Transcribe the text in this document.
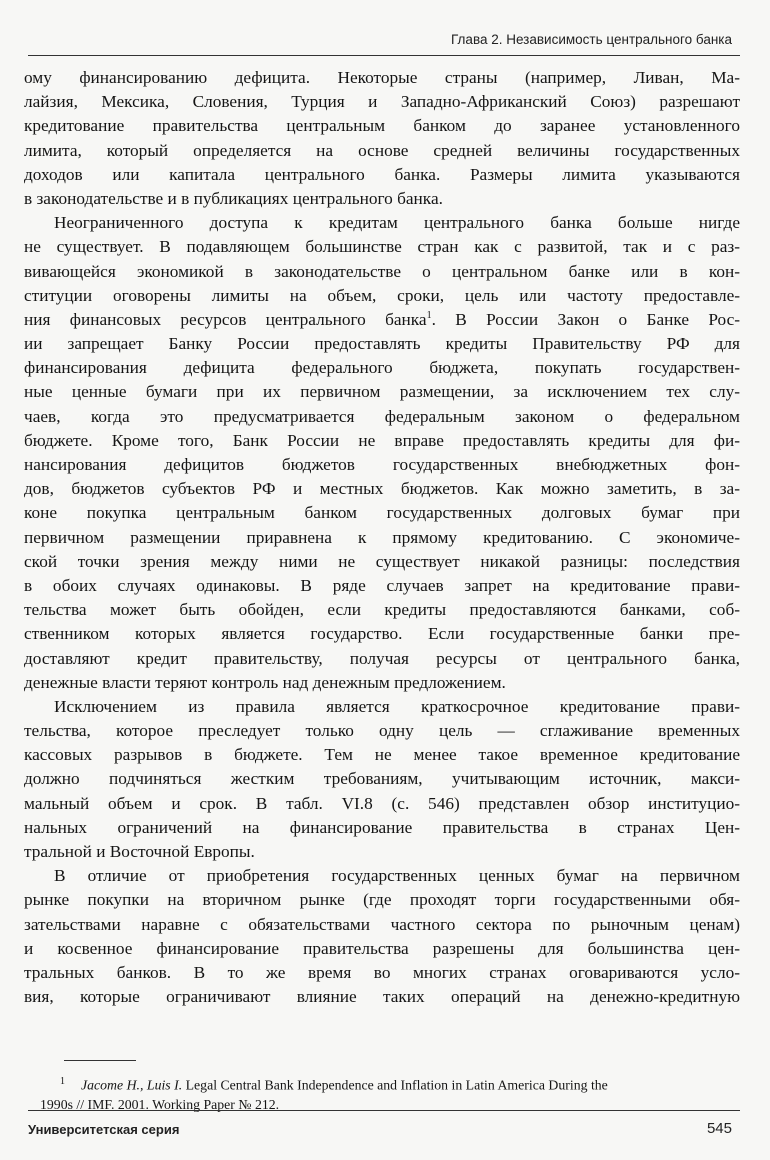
Глава 2. Независимость центрального банка

ому финансированию дефицита. Некоторые страны (например, Ливан, Ма-

лайзия, Мексика, Словения, Турция и Западно-Африканский Союз) разрешают

кредитование правительства центральным банком до заранее установленного

лимита, который определяется на основе средней величины государственных

доходов или капитала центрального банка. Размеры лимита указываются

в законодательстве и в публикациях центрального банка.

Неограниченного доступа к кредитам центрального банка больше нигде

не существует. В подавляющем большинстве стран как с развитой, так и с раз-

вивающейся экономикой в законодательстве о центральном банке или в кон-

ституции оговорены лимиты на объем, сроки, цель или частоту предоставле-

ния финансовых ресурсов центрального банка$^1$. В России Закон о Банке Рос-

ии запрещает Банку России предоставлять кредиты Правительству РФ для

финансирования дефицита федерального бюджета, покупать государствен-

ные ценные бумаги при их первичном размещении, за исключением тех слу-

чаев, когда это предусматривается федеральным законом о федеральном

бюджете. Кроме того, Банк России не вправе предоставлять кредиты для фи-

нансирования дефицитов бюджетов государственных внебюджетных фон-

дов, бюджетов субъектов РФ и местных бюджетов. Как можно заметить, в за-

коне покупка центральным банком государственных долговых бумаг при

первичном размещении приравнена к прямому кредитованию. С экономиче-

ской точки зрения между ними не существует никакой разницы: последствия

в обоих случаях одинаковы. В ряде случаев запрет на кредитование прави-

тельства может быть обойден, если кредиты предоставляются банками, соб-

ственником которых является государство. Если государственные банки пре-

доставляют кредит правительству, получая ресурсы от центрального банка,

денежные власти теряют контроль над денежным предложением.

Исключением из правила является краткосрочное кредитование прави-

тельства, которое преследует только одну цель — сглаживание временных

кассовых разрывов в бюджете. Тем не менее такое временное кредитование

должно подчиняться жестким требованиям, учитывающим источник, макси-

мальный объем и срок. В табл. VI.8 (с. 546) представлен обзор институцио-

нальных ограничений на финансирование правительства в странах Цен-

тральной и Восточной Европы.

В отличие от приобретения государственных ценных бумаг на первичном

рынке покупки на вторичном рынке (где проходят торги государственными обя-

зательствами наравне с обязательствами частного сектора по рыночным ценам)

и косвенное финансирование правительства разрешены для большинства цен-

тральных банков. В то же время во многих странах оговариваются усло-

вия, которые ограничивают влияние таких операций на денежно-кредитную

$^1$ Jacome H., Luis I. Legal Central Bank Independence and Inflation in Latin America During the

1990s // IMF. 2001. Working Paper № 212.

Университетская серия	545
